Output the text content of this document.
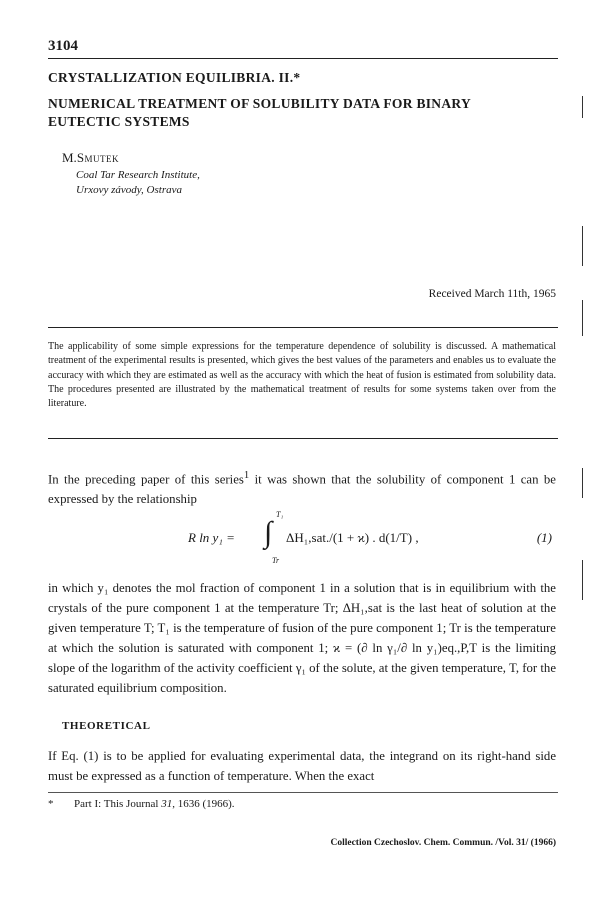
3104
CRYSTALLIZATION EQUILIBRIA. II.*
NUMERICAL TREATMENT OF SOLUBILITY DATA FOR BINARY
EUTECTIC SYSTEMS
M.Smutek
Coal Tar Research Institute,
Urxovy závody, Ostrava
Received March 11th, 1965
The applicability of some simple expressions for the temperature dependence of solubility is discussed. A mathematical treatment of the experimental results is presented, which gives the best values of the parameters and enables us to evaluate the accuracy with which they are estimated as well as the accuracy with which the heat of fusion is estimated from solubility data. The procedures presented are illustrated by the mathematical treatment of results for some systems taken over from the literature.
In the preceding paper of this series$^1$ it was shown that the solubility of component 1 can be expressed by the relationship
R ln y₁ = ∫
T₁
Tr
ΔH₁,sat./(1 + ϰ) . d(1/T) ,	(1)
in which y₁ denotes the mol fraction of component 1 in a solution that is in equilibrium with the crystals of the pure component 1 at the temperature Tr; ΔH₁,sat is the last heat of solution at the given temperature T; T₁ is the temperature of fusion of the pure component 1; Tr is the temperature at which the solution is saturated with component 1; ϰ = (∂ ln γ₁/∂ ln y₁)eq.,P,T is the limiting slope of the logarithm of the activity coefficient γ₁ of the solute, at the given temperature, T, for the saturated equilibrium composition.
THEORETICAL
If Eq. (1) is to be applied for evaluating experimental data, the integrand on its right-hand side must be expressed as a function of temperature. When the exact
* Part I: This Journal 31, 1636 (1966).
Collection Czechoslov. Chem. Commun. /Vol. 31/ (1966)
